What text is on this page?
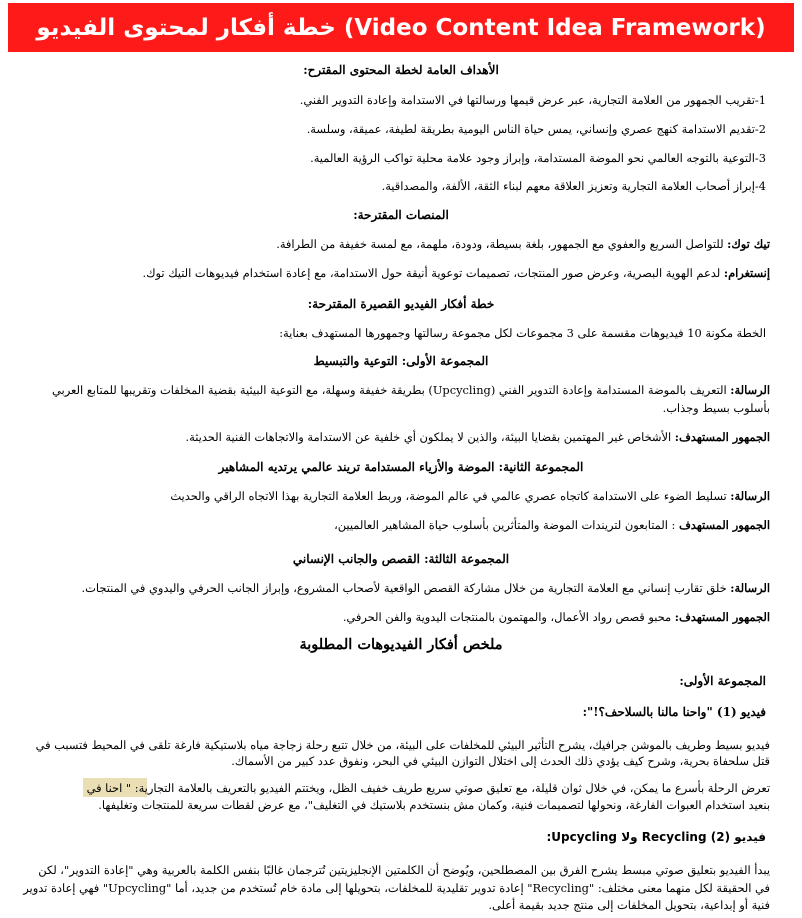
خطة أفكار لمحتوى الفيديو (Video Content Idea Framework)
الأهداف العامة لخطة المحتوى المقترح:
1-تقريب الجمهور من العلامة التجارية، عبر عرض قيمها ورسالتها في الاستدامة وإعادة التدوير الفني.
2-تقديم الاستدامة كنهج عصري وإنساني، يمس حياة الناس اليومية بطريقة لطيفة، عميقة، وسلسة.
3-التوعية بالتوجه العالمي نحو الموضة المستدامة، وإبراز وجود علامة محلية تواكب الرؤية العالمية.
4-إبراز أصحاب العلامة التجارية وتعزيز العلاقة معهم لبناء الثقة، الألفة، والمصداقية.
المنصات المقترحة:
تيك توك: للتواصل السريع والعفوي مع الجمهور، بلغة بسيطة، ودودة، ملهمة، مع لمسة خفيفة من الطرافة.
إنستغرام: لدعم الهوية البصرية، وعرض صور المنتجات، تصميمات توعوية أنيقة حول الاستدامة، مع إعادة استخدام فيديوهات التيك توك.
خطة أفكار الفيديو القصيرة المقترحة:
الخطة مكونة 10 فيديوهات مقسمة على 3 مجموعات لكل مجموعة رسالتها وجمهورها المستهدف بعناية:
المجموعة الأولى: التوعية والتبسيط
الرسالة: التعريف بالموضة المستدامة وإعادة التدوير الفني (Upcycling) بطريقة خفيفة وسهلة، مع التوعية البيئية بقضية المخلفات وتقريبها للمتابع العربي
بأسلوب بسيط وجذاب.
الجمهور المستهدف: الأشخاص غير المهتمين بقضايا البيئة، والذين لا يملكون أي خلفية عن الاستدامة والاتجاهات الفنية الحديثة.
المجموعة الثانية: الموضة والأزياء المستدامة تريند عالمي يرتديه المشاهير
الرسالة: تسليط الضوء على الاستدامة كاتجاه عصري عالمي في عالم الموضة، وربط العلامة التجارية بهذا الاتجاه الراقي والحديث
الجمهور المستهدف : المتابعون لتريندات الموضة والمتأثرين بأسلوب حياة المشاهير العالميين،
المجموعة الثالثة: القصص والجانب الإنساني
الرسالة: خلق تقارب إنساني مع العلامة التجارية من خلال مشاركة القصص الواقعية لأصحاب المشروع، وإبراز الجانب الحرفي واليدوي في المنتجات.
الجمهور المستهدف: محبو قصص رواد الأعمال، والمهتمون بالمنتجات اليدوية والفن الحرفي.
ملخص أفكار الفيديوهات المطلوبة
المجموعة الأولى:
فيديو (1) "واحنا مالنا بالسلاحف؟!":
فيديو بسيط وطريف بالموشن جرافيك، يشرح التأثير البيئي للمخلفات على البيئة، من خلال تتبع رحلة زجاجة مياه بلاستيكية فارغة تلقى في المحيط فتسبب في
قتل سلحفاة بحرية، وشرح كيف يؤدي ذلك الحدث إلى اختلال التوازن البيئي في البحر، ونفوق عدد كبير من الأسماك.
تعرض الرحلة بأسرع ما يمكن، في خلال ثوان قليلة، مع تعليق صوتي سريع طريف خفيف الظل، ويختتم الفيديو بالتعريف بالعلامة التجارية: " احنا في
بنعيد استخدام العبوات الفارغة، ونحولها لتصميمات فنية، وكمان مش بنستخدم بلاستيك في التغليف"، مع عرض لقطات سريعة للمنتجات وتغليفها.
فيديو (2) Recycling ولا Upcycling:
يبدأ الفيديو بتعليق صوتي مبسط يشرح الفرق بين المصطلحين، ويُوضح أن الكلمتين الإنجليزيتين تُترجمان غالبًا بنفس الكلمة بالعربية وهي "إعادة التدوير"، لكن
في الحقيقة لكل منهما معنى مختلف: "Recycling" إعادة تدوير تقليدية للمخلفات، بتحويلها إلى مادة خام تُستخدم من جديد، أما "Upcycling" فهي إعادة تدوير
فنية أو إبداعية، بتحويل المخلفات إلى منتج جديد بقيمة أعلى.
